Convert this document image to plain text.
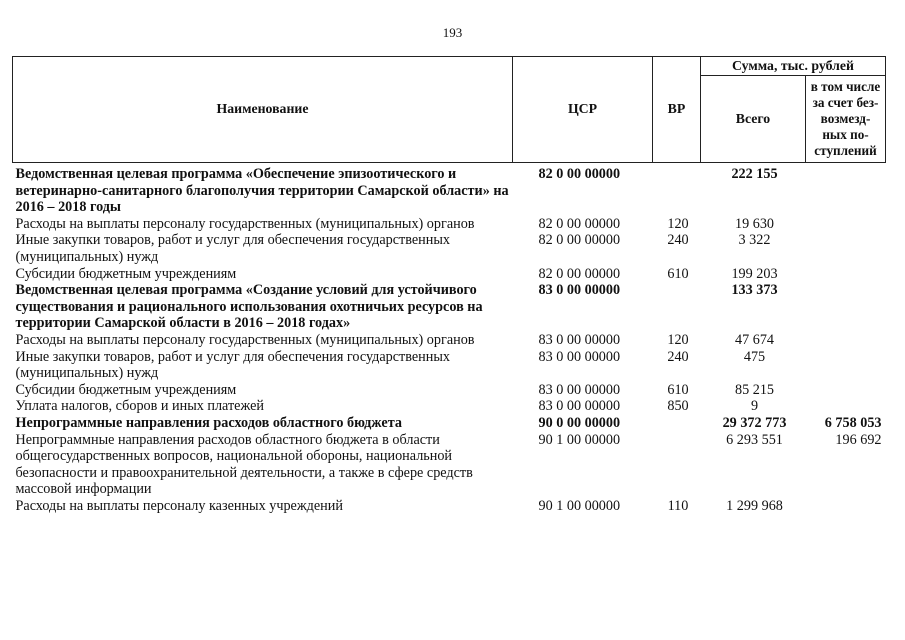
193
Наименование	ЦСР	ВР	Сумма, тыс. рублей	
			Всего	в том числе за счет без-возмезд-ных по-ступлений
Ведомственная целевая программа «Обеспечение эпизоотического и ветеринарно-санитарного благополучия территории Самарской области» на 2016 – 2018 годы	82 0 00 00000		222 155	
Расходы на выплаты персоналу государственных (муниципальных) органов	82 0 00 00000	120	19 630	
Иные закупки товаров, работ и услуг для обеспечения государственных (муниципальных) нужд	82 0 00 00000	240	3 322	
Субсидии бюджетным учреждениям	82 0 00 00000	610	199 203	
Ведомственная целевая программа «Создание условий для устойчивого существования и рационального использования охотничьих ресурсов на территории Самарской области в 2016 – 2018 годах»	83 0 00 00000		133 373	
Расходы на выплаты персоналу государственных (муниципальных) органов	83 0 00 00000	120	47 674	
Иные закупки товаров, работ и услуг для обеспечения государственных (муниципальных) нужд	83 0 00 00000	240	475	
Субсидии бюджетным учреждениям	83 0 00 00000	610	85 215	
Уплата налогов, сборов и иных платежей	83 0 00 00000	850	9	
Непрограммные направления расходов областного бюджета	90 0 00 00000		29 372 773	6 758 053
Непрограммные направления расходов областного бюджета в области общегосударственных вопросов, национальной обороны, национальной безопасности и правоохранительной деятельности, а также в сфере средств массовой информации	90 1 00 00000		6 293 551	196 692
Расходы на выплаты персоналу казенных учреждений	90 1 00 00000	110	1 299 968	
